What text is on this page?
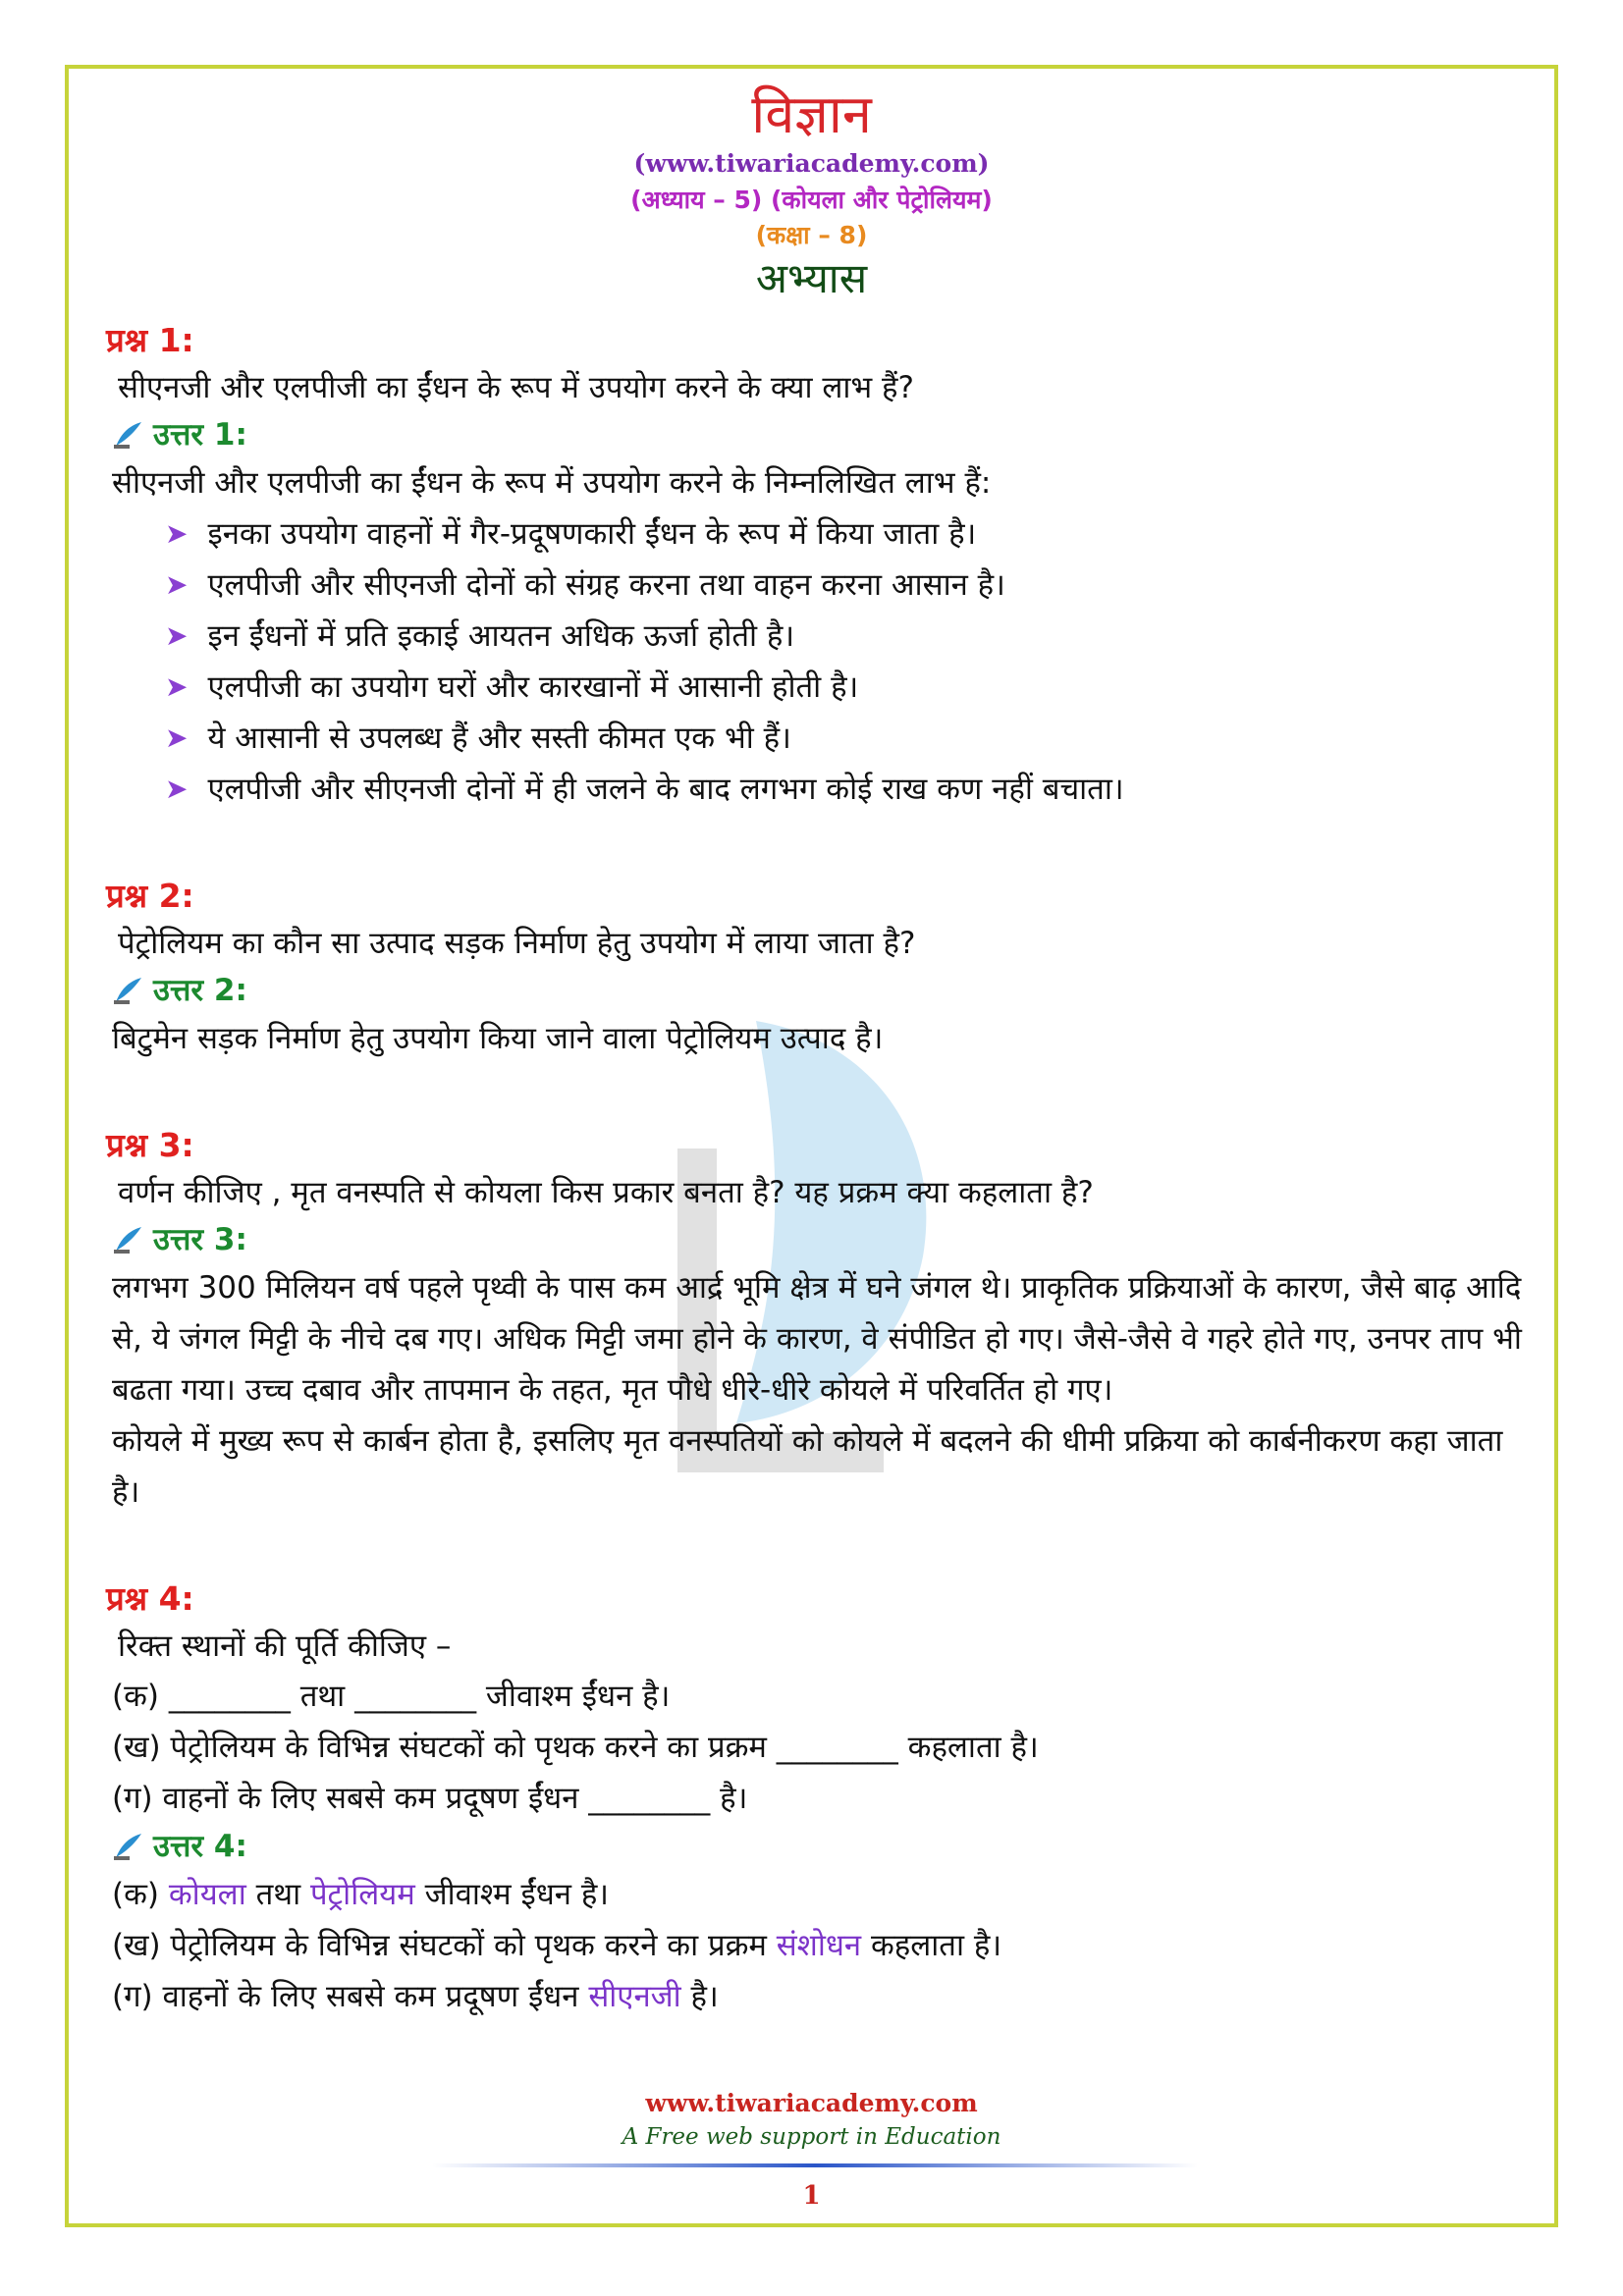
विज्ञान
(www.tiwariacademy.com)
(अध्याय – 5) (कोयला और पेट्रोलियम)
(कक्षा – 8)
अभ्यास
प्रश्न 1:
सीएनजी और एलपीजी का ईंधन के रूप में उपयोग करने के क्या लाभ हैं?
उत्तर 1:
सीएनजी और एलपीजी का ईंधन के रूप में उपयोग करने के निम्नलिखित लाभ हैं:
➤ इनका उपयोग वाहनों में गैर-प्रदूषणकारी ईंधन के रूप में किया जाता है।
➤ एलपीजी और सीएनजी दोनों को संग्रह करना तथा वाहन करना आसान है।
➤ इन ईंधनों में प्रति इकाई आयतन अधिक ऊर्जा होती है।
➤ एलपीजी का उपयोग घरों और कारखानों में आसानी होती है।
➤ ये आसानी से उपलब्ध हैं और सस्ती कीमत एक भी हैं।
➤ एलपीजी और सीएनजी दोनों में ही जलने के बाद लगभग कोई राख कण नहीं बचाता।
प्रश्न 2:
पेट्रोलियम का कौन सा उत्पाद सड़क निर्माण हेतु उपयोग में लाया जाता है?
उत्तर 2:
बिटुमेन सड़क निर्माण हेतु उपयोग किया जाने वाला पेट्रोलियम उत्पाद है।
प्रश्न 3:
वर्णन कीजिए , मृत वनस्पति से कोयला किस प्रकार बनता है? यह प्रक्रम क्या कहलाता है?
उत्तर 3:
लगभग 300 मिलियन वर्ष पहले पृथ्वी के पास कम आर्द्र भूमि क्षेत्र में घने जंगल थे। प्राकृतिक प्रक्रियाओं के कारण, जैसे बाढ़ आदि से, ये जंगल मिट्टी के नीचे दब गए। अधिक मिट्टी जमा होने के कारण, वे संपीडित हो गए। जैसे-जैसे वे गहरे होते गए, उनपर ताप भी बढता गया। उच्च दबाव और तापमान के तहत, मृत पौधे धीरे-धीरे कोयले में परिवर्तित हो गए।
कोयले में मुख्य रूप से कार्बन होता है, इसलिए मृत वनस्पतियों को कोयले में बदलने की धीमी प्रक्रिया को कार्बनीकरण कहा जाता है।
प्रश्न 4:
रिक्त स्थानों की पूर्ति कीजिए –
(क) ________ तथा ________ जीवाश्म ईंधन है।
(ख) पेट्रोलियम के विभिन्न संघटकों को पृथक करने का प्रक्रम ________ कहलाता है।
(ग) वाहनों के लिए सबसे कम प्रदूषण ईंधन ________ है।
उत्तर 4:
(क) कोयला तथा पेट्रोलियम जीवाश्म ईंधन है।
(ख) पेट्रोलियम के विभिन्न संघटकों को पृथक करने का प्रक्रम संशोधन कहलाता है।
(ग) वाहनों के लिए सबसे कम प्रदूषण ईंधन सीएनजी है।
www.tiwariacademy.com
A Free web support in Education
1
